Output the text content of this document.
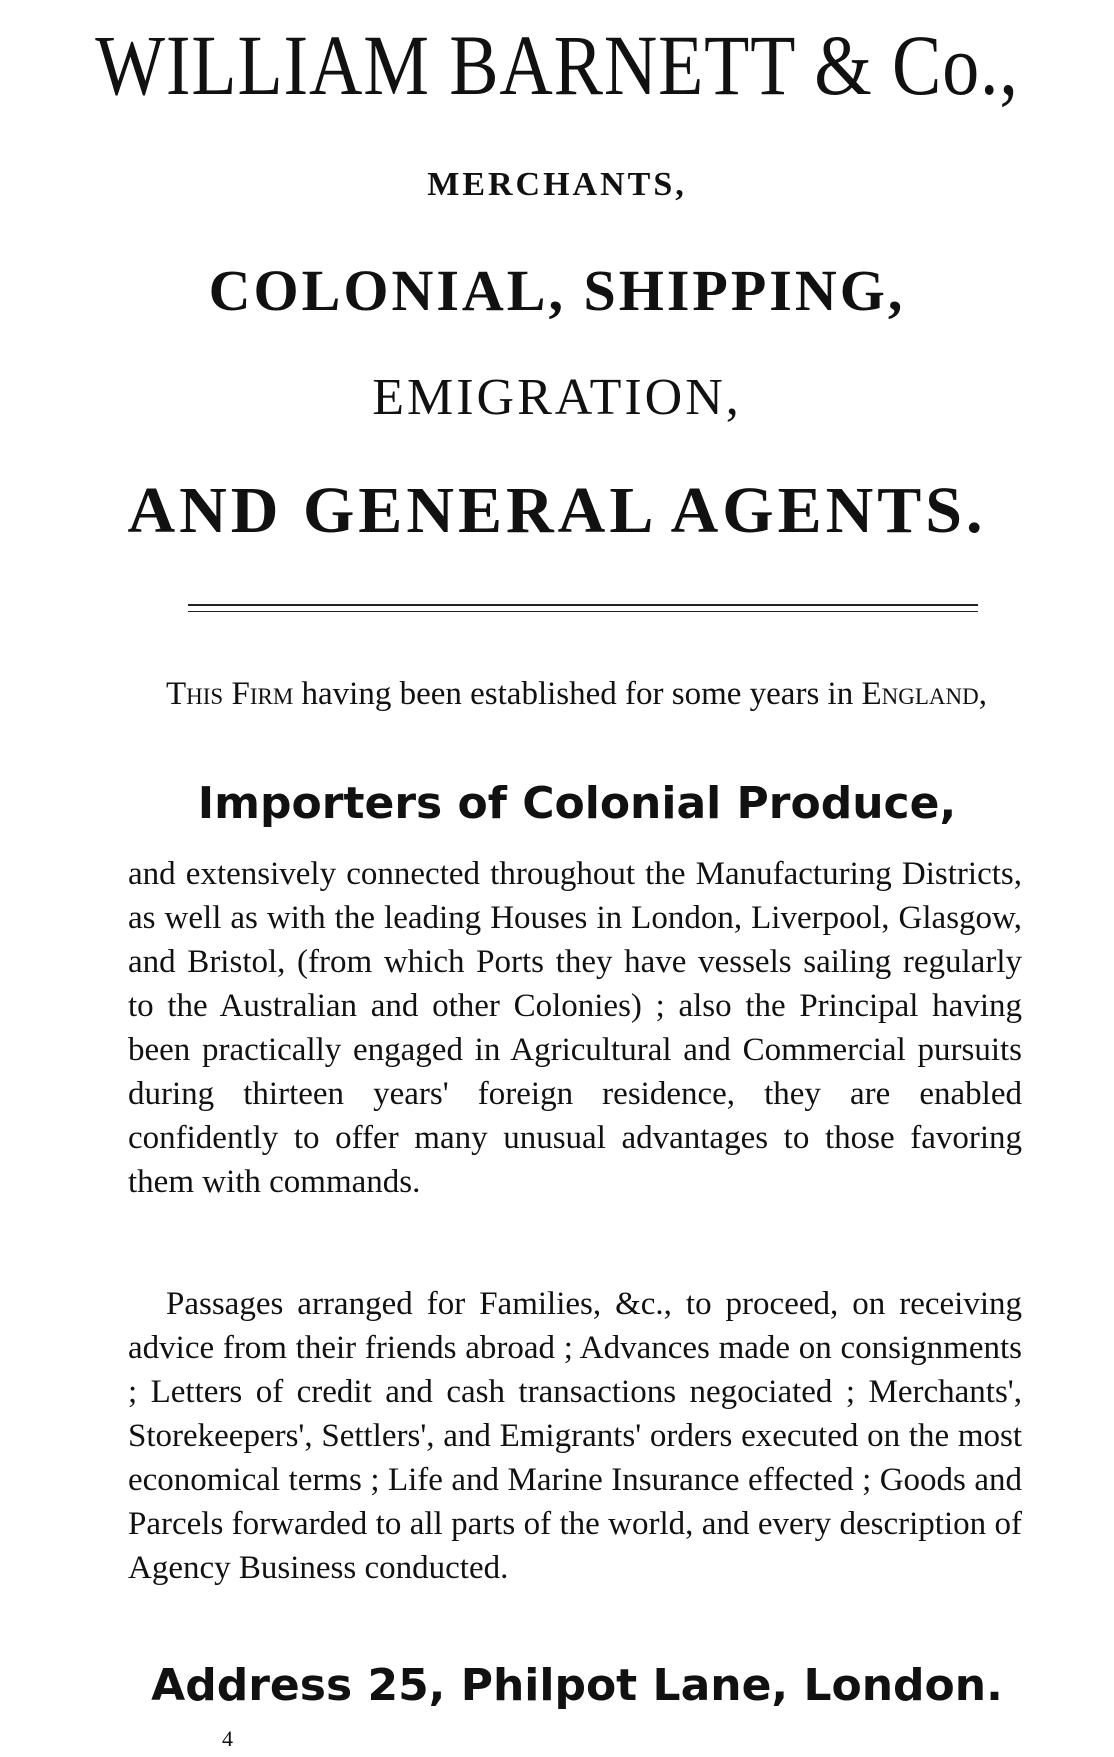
WILLIAM BARNETT & Co.,
MERCHANTS,
COLONIAL, SHIPPING,
EMIGRATION,
AND GENERAL AGENTS.

This Firm having been established for some years in England,

Importers of Colonial Produce,

and extensively connected throughout the Manufacturing Districts, as well as with the leading Houses in London, Liverpool, Glasgow, and Bristol, (from which Ports they have vessels sailing regularly to the Australian and other Colonies) ; also the Principal having been practically engaged in Agricultural and Commercial pursuits during thirteen years' foreign residence, they are enabled confidently to offer many unusual advantages to those favoring them with commands.

Passages arranged for Families, &c., to proceed, on receiving advice from their friends abroad ; Advances made on consignments ; Letters of credit and cash transactions negociated ; Merchants', Storekeepers', Settlers', and Emigrants' orders executed on the most economical terms ; Life and Marine Insurance effected ; Goods and Parcels forwarded to all parts of the world, and every description of Agency Business conducted.

Address 25, Philpot Lane, London.
4
